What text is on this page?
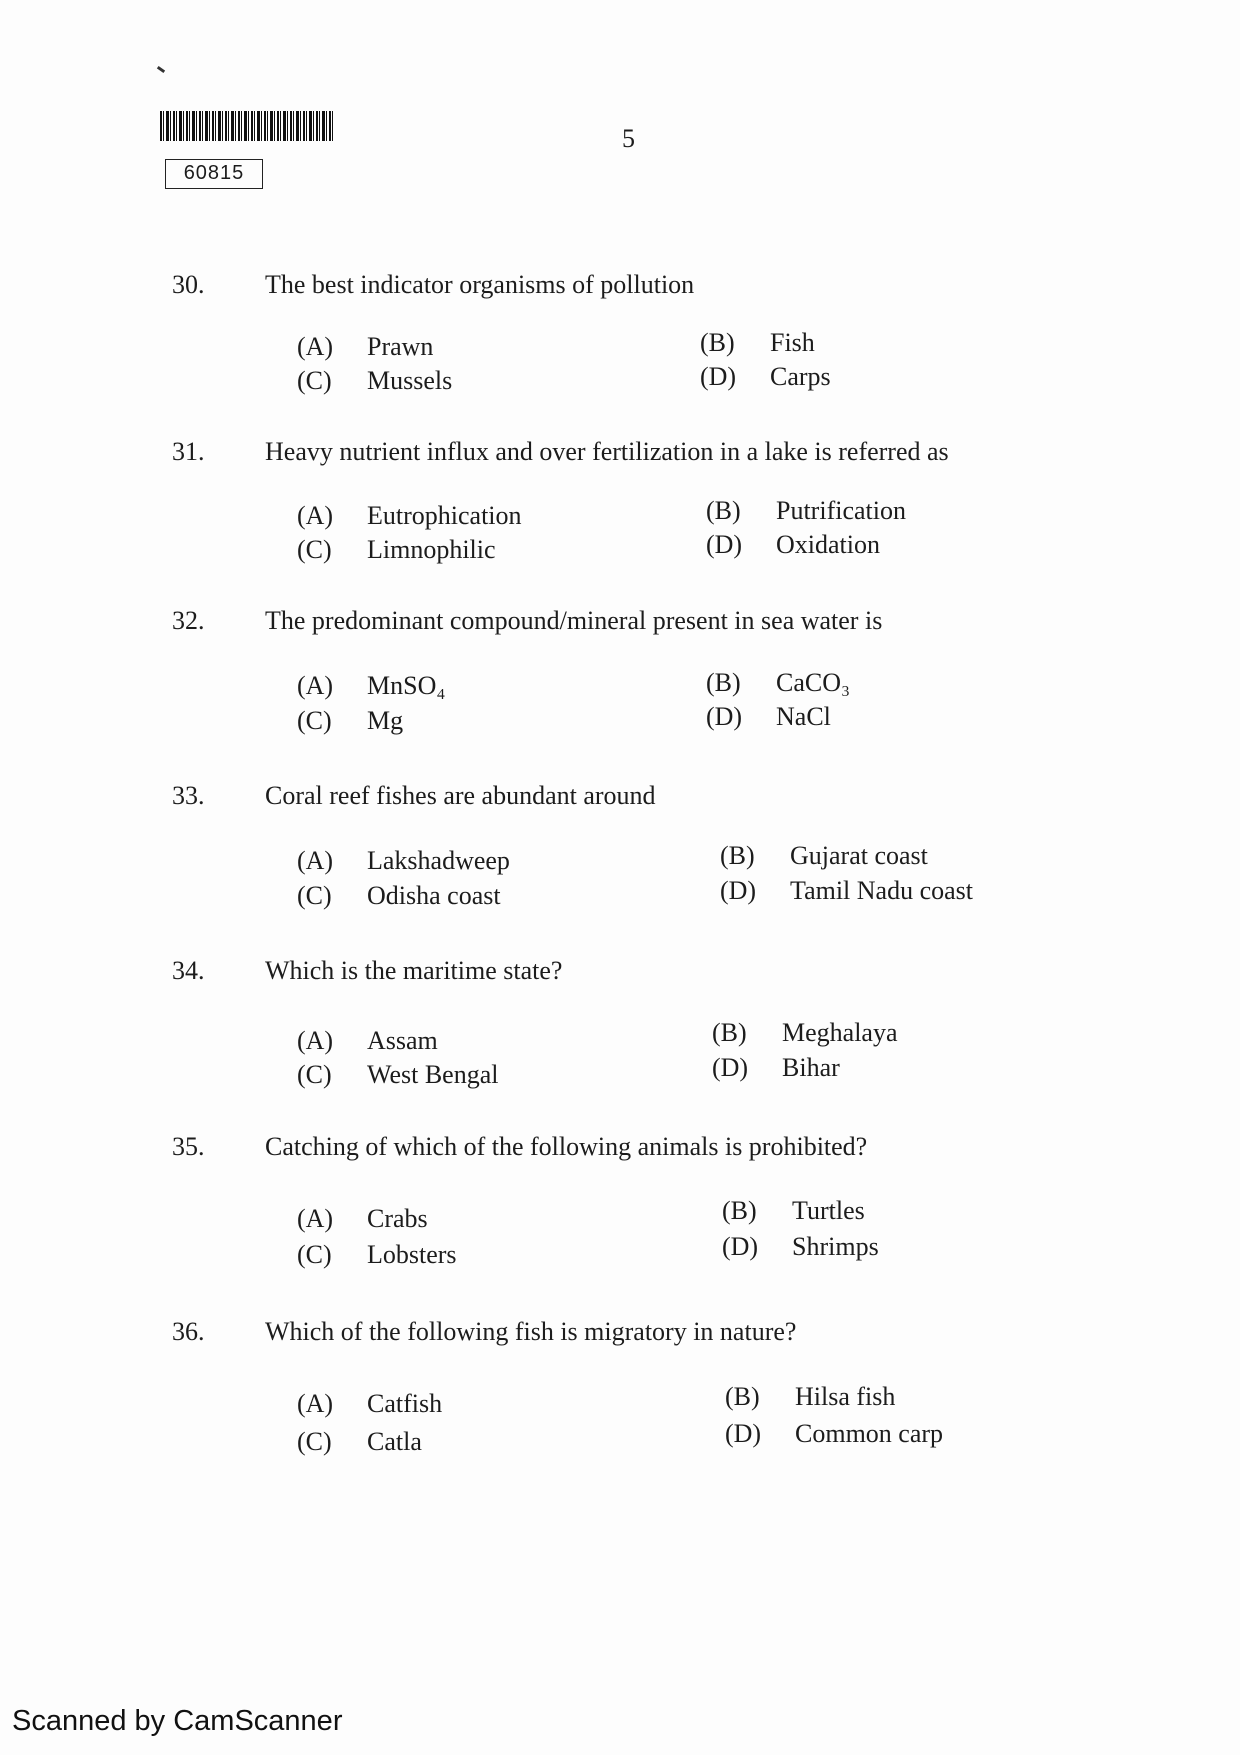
60815
5
30. The best indicator organisms of pollution
(A) Prawn	(B) Fish
(C) Mussels	(D) Carps
31. Heavy nutrient influx and over fertilization in a lake is referred as
(A) Eutrophication	(B) Putrification
(C) Limnophilic	(D) Oxidation
32. The predominant compound/mineral present in sea water is
(A) MnSO₄	(B) CaCO₃
(C) Mg	(D) NaCl
33. Coral reef fishes are abundant around
(A) Lakshadweep	(B) Gujarat coast
(C) Odisha coast	(D) Tamil Nadu coast
34. Which is the maritime state?
(A) Assam	(B) Meghalaya
(C) West Bengal	(D) Bihar
35. Catching of which of the following animals is prohibited?
(A) Crabs	(B) Turtles
(C) Lobsters	(D) Shrimps
36. Which of the following fish is migratory in nature?
(A) Catfish	(B) Hilsa fish
(C) Catla	(D) Common carp
Scanned by CamScanner
